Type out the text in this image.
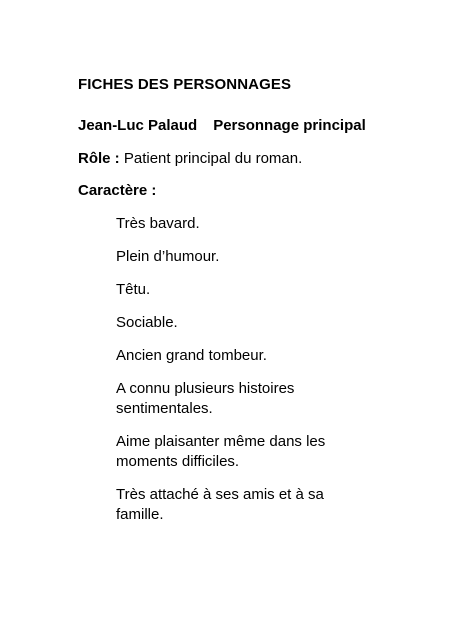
FICHES DES PERSONNAGES
Jean-Luc Palaud Personnage principal
Rôle : Patient principal du roman.
Caractère :
Très bavard.
Plein d’humour.
Têtu.
Sociable.
Ancien grand tombeur.
A connu plusieurs histoires sentimentales.
Aime plaisanter même dans les moments difficiles.
Très attaché à ses amis et à sa famille.
